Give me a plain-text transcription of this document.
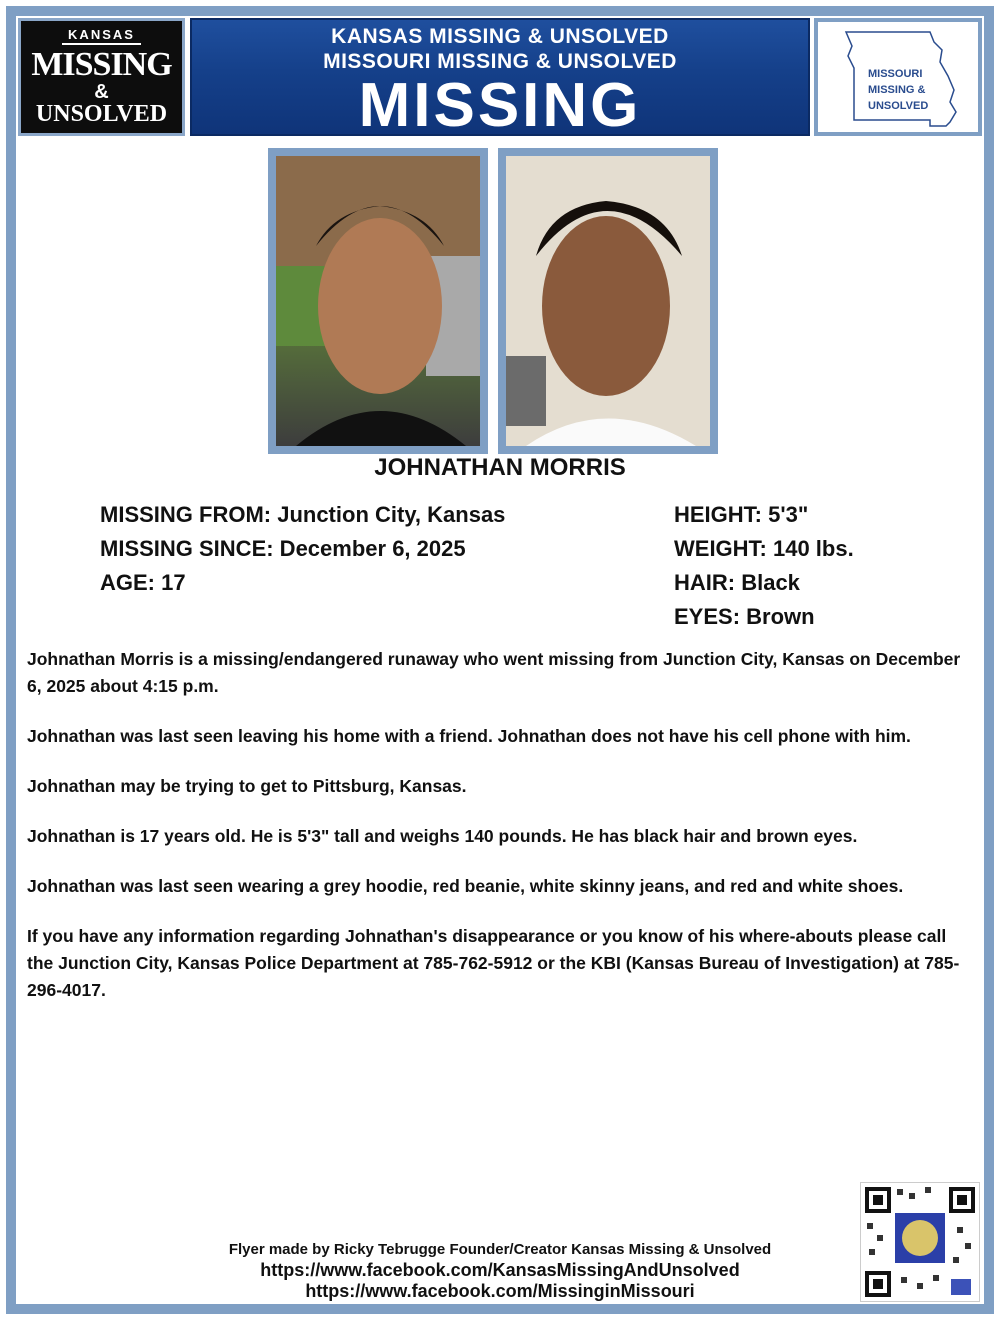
KANSAS
MISSING
&
UNSOLVED
KANSAS MISSING & UNSOLVED
MISSOURI MISSING & UNSOLVED
MISSING	MISSOURI
MISSING &
UNSOLVED
JOHNATHAN MORRIS
MISSING FROM: Junction City, Kansas
MISSING SINCE: December 6, 2025
AGE: 17
HEIGHT: 5'3"
WEIGHT: 140 lbs.
HAIR: Black
EYES: Brown

Johnathan Morris is a missing/endangered runaway who went missing from Junction City, Kansas on December 6, 2025 about 4:15 p.m.

Johnathan was last seen leaving his home with a friend. Johnathan does not have his cell phone with him.

Johnathan may be trying to get to Pittsburg, Kansas.

Johnathan is 17 years old. He is 5'3" tall and weighs 140 pounds. He has black hair and brown eyes.

Johnathan was last seen wearing a grey hoodie, red beanie, white skinny jeans, and red and white shoes.

If you have any information regarding Johnathan's disappearance or you know of his where-abouts please call the Junction City, Kansas Police Department at 785-762-5912 or the KBI (Kansas Bureau of Investigation) at 785-296-4017.

Flyer made by Ricky Tebrugge Founder/Creator Kansas Missing & Unsolved
https://www.facebook.com/KansasMissingAndUnsolved
https://www.facebook.com/MissinginMissouri
